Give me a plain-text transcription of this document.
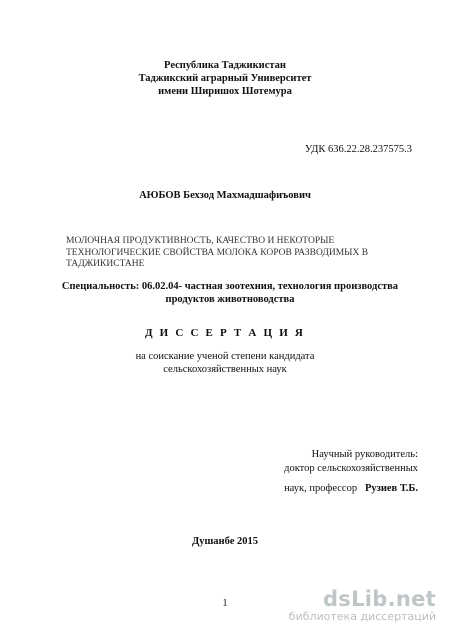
Республика Таджикистан
Таджикский аграрный Университет
имени Ширишох Шотемура
УДК 636.22.28.237575.3
АЮБОВ Бехзод Махмадшафиъович
МОЛОЧНАЯ ПРОДУКТИВНОСТЬ, КАЧЕСТВО И НЕКОТОРЫЕ
ТЕХНОЛОГИЧЕСКИЕ СВОЙСТВА МОЛОКА КОРОВ РАЗВОДИМЫХ В
ТАДЖИКИСТАНЕ
Специальность: 06.02.04- частная зоотехния, технология производства
продуктов животноводства
Д И С С Е Р Т А Ц И Я
на соискание ученой степени кандидата
сельскохозяйственных наук
Научный руководитель:
доктор сельскохозяйственных
наук, профессор Рузиев Т.Б.
Душанбе 2015
1	dsLib.net
библиотека диссертаций
